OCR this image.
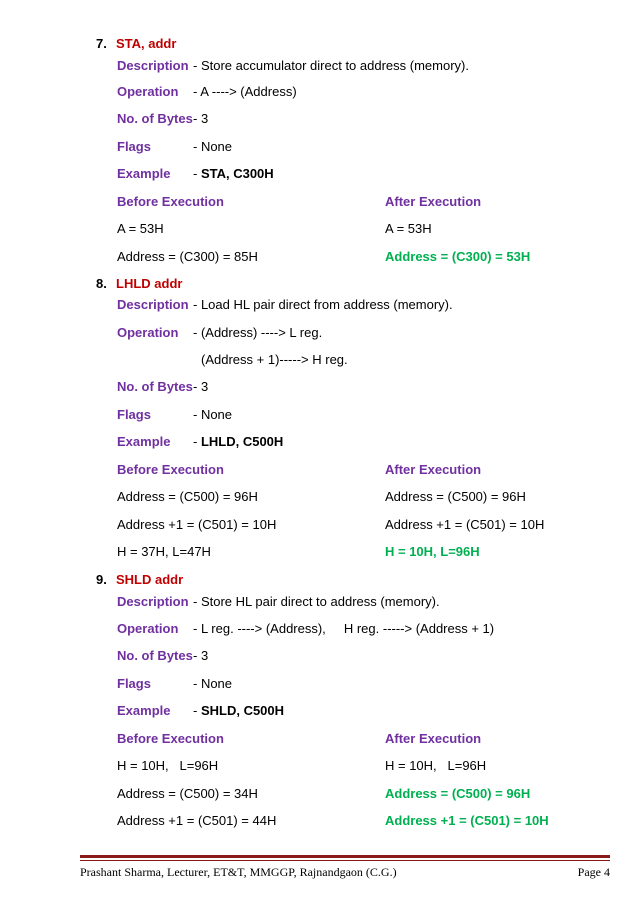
7. STA, addr
Description - Store accumulator direct to address (memory).
Operation - A ----> (Address)
No. of Bytes - 3
Flags	- None
Example - STA, C300H
Before Execution	After Execution
A = 53H	A = 53H
Address = (C300) = 85H	Address = (C300) = 53H
8. LHLD addr
Description - Load HL pair direct from address (memory).
Operation - (Address) ----> L reg.
(Address + 1)-----> H reg.
No. of Bytes - 3
Flags	- None
Example - LHLD, C500H
Before Execution	After Execution
Address = (C500) = 96H	Address = (C500) = 96H
Address +1 = (C501) = 10H	Address +1 = (C501) = 10H
H = 37H, L=47H	H = 10H, L=96H
9. SHLD addr
Description - Store HL pair direct to address (memory).
Operation - L reg. ----> (Address),     H reg. -----> (Address + 1)
No. of Bytes - 3
Flags	- None
Example - SHLD, C500H
Before Execution	After Execution
H = 10H,   L=96H	H = 10H,   L=96H
Address = (C500) = 34H	Address = (C500) = 96H
Address +1 = (C501) = 44H	Address +1 = (C501) = 10H
Prashant Sharma, Lecturer, ET&T, MMGGP, Rajnandgaon (C.G.)	Page 4
